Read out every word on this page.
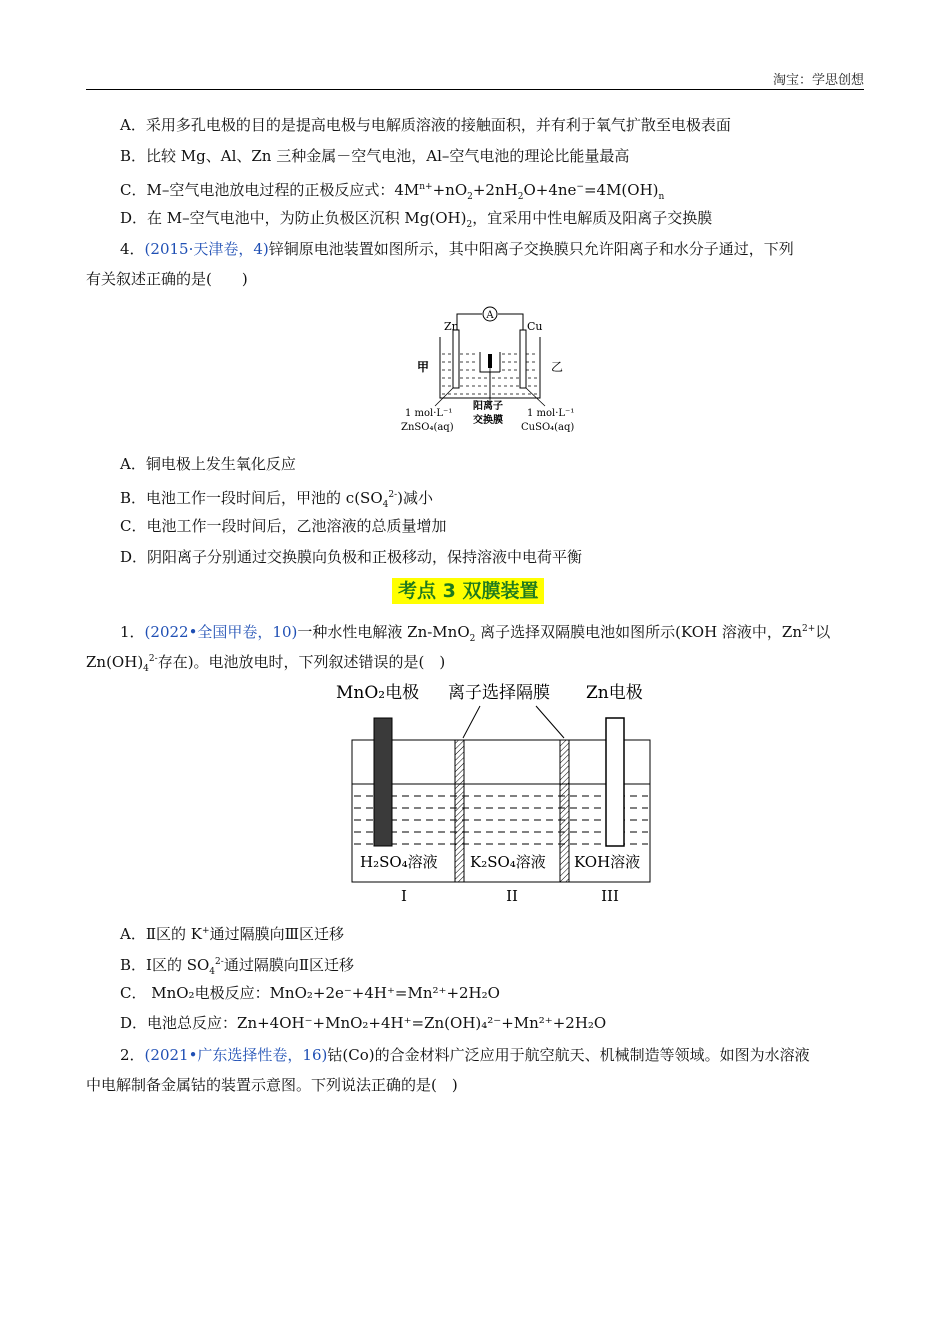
淘宝：学思创想
A．采用多孔电极的目的是提高电极与电解质溶液的接触面积，并有利于氧气扩散至电极表面
B．比较 Mg、Al、Zn 三种金属－空气电池，Al–空气电池的理论比能量最高
C．M–空气电池放电过程的正极反应式：$4M^{n+}+nO_2+2nH_2O+4ne^-=4M(OH)_n$
D．在 M–空气电池中，为防止负极区沉积 $Mg(OH)_2$，宜采用中性电解质及阳离子交换膜
4．(2015·天津卷，4)锌铜原电池装置如图所示，其中阳离子交换膜只允许阳离子和水分子通过，下列
有关叙述正确的是(　　)
A
Zn	Cu
甲	乙
1 mol·L⁻¹
ZnSO₄(aq)
阳离子
交换膜
1 mol·L⁻¹
CuSO₄(aq)
A．铜电极上发生氧化反应
B．电池工作一段时间后，甲池的 $c(SO_4^{2-})$减小
C．电池工作一段时间后，乙池溶液的总质量增加
D．阴阳离子分别通过交换膜向负极和正极移动，保持溶液中电荷平衡
考点 3 双膜装置
1．(2022•全国甲卷，10)一种水性电解液 Zn-MnO$_2$ 离子选择双隔膜电池如图所示(KOH 溶液中，$Zn^{2+}$以
$Zn(OH)_4^{2-}$存在)。电池放电时，下列叙述错误的是(　)
MnO₂电极 离子选择隔膜 Zn电极
H₂SO₄溶液 K₂SO₄溶液 KOH溶液
I	II	III
A．Ⅱ区的 K+通过隔膜向Ⅲ区迁移
B．Ⅰ区的 $SO_4^{2-}$通过隔膜向Ⅱ区迁移
C． MnO₂电极反应：MnO₂+2e⁻+4H⁺=Mn²⁺+2H₂O
D．电池总反应：Zn+4OH⁻+MnO₂+4H⁺=Zn(OH)₄²⁻+Mn²⁺+2H₂O
2．(2021•广东选择性卷，16)钴(Co)的合金材料广泛应用于航空航天、机械制造等领域。如图为水溶液
中电解制备金属钴的装置示意图。下列说法正确的是(　)
